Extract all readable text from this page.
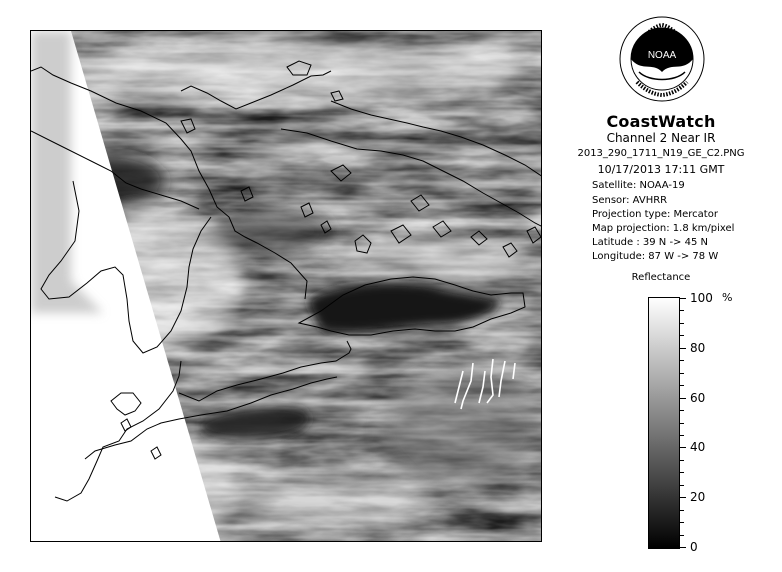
NOAA
CoastWatch
Channel 2 Near IR
2013_290_1711_N19_GE_C2.PNG
10/17/2013 17:11 GMT
Satellite: NOAA-19
Sensor: AVHRR
Projection type: Mercator
Map projection: 1.8 km/pixel
Latitude : 39 N -> 45 N
Longitude: 87 W -> 78 W
Reflectance
100
80
60
40
20
0
%
